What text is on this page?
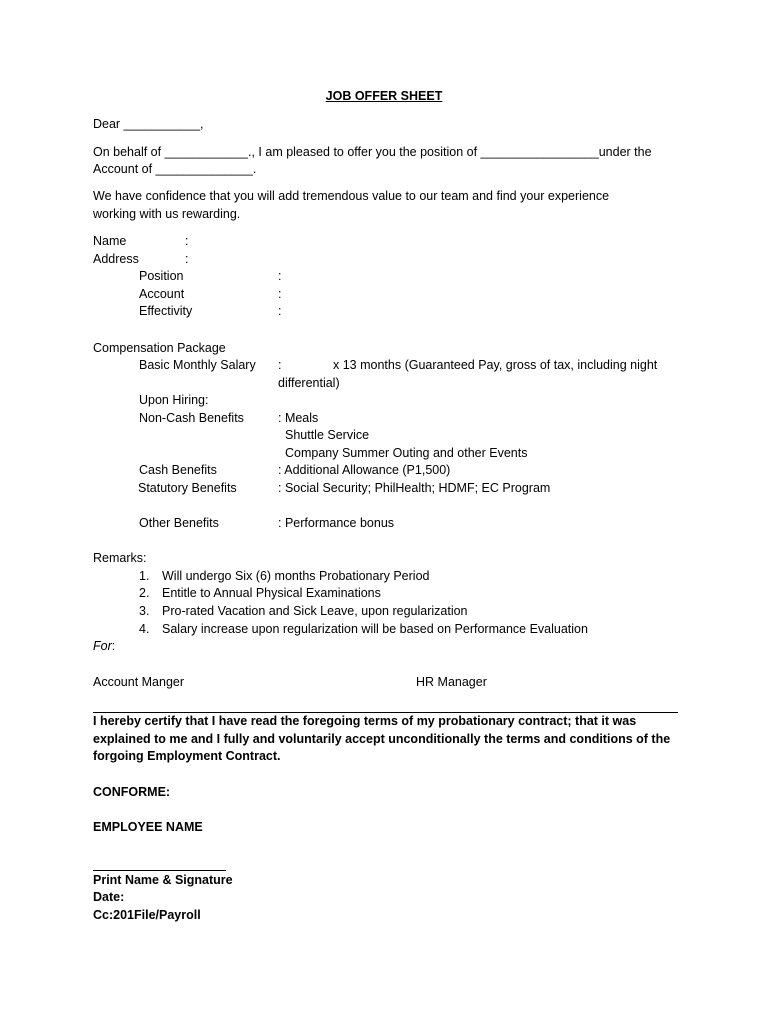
JOB OFFER SHEET
Dear ___________,
On behalf of ____________., I am pleased to offer you the position of _________________under the
Account of ______________.
We have confidence that you will add tremendous value to our team and find your experience
working with us rewarding.
Name	:
Address	:
Position	:
Account	:
Effectivity	:
Compensation Package
Basic Monthly Salary :	x 13 months (Guaranteed Pay, gross of tax, including night
differential)
Upon Hiring:
Non-Cash Benefits	: Meals
Shuttle Service
Company Summer Outing and other Events
Cash Benefits	: Additional Allowance (P1,500)
Statutory Benefits	: Social Security; PhilHealth; HDMF; EC Program
Other Benefits	: Performance bonus
Remarks:
1. Will undergo Six (6) months Probationary Period
2. Entitle to Annual Physical Examinations
3. Pro-rated Vacation and Sick Leave, upon regularization
4. Salary increase upon regularization will be based on Performance Evaluation
For:
Account Manger	HR Manager
I hereby certify that I have read the foregoing terms of my probationary contract; that it was
explained to me and I fully and voluntarily accept unconditionally the terms and conditions of the
forgoing Employment Contract.
CONFORME:
EMPLOYEE NAME
Print Name & Signature
Date:
Cc:201File/Payroll
